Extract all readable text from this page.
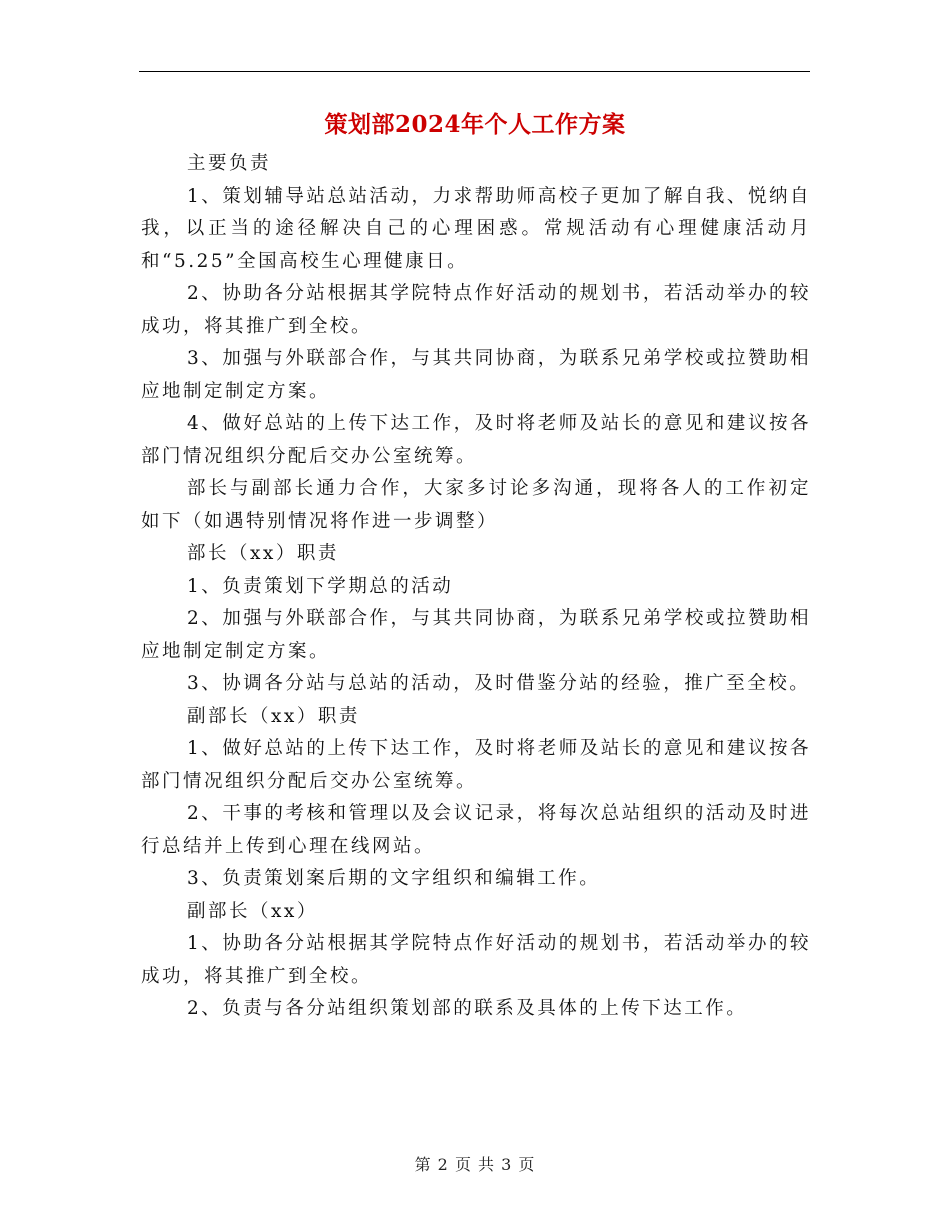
策划部2024年个人工作方案

主要负责

1、策划辅导站总站活动，力求帮助师高校子更加了解自我、悦纳自我，以正当的途径解决自己的心理困惑。常规活动有心理健康活动月和“5.25”全国高校生心理健康日。

2、协助各分站根据其学院特点作好活动的规划书，若活动举办的较成功，将其推广到全校。

3、加强与外联部合作，与其共同协商，为联系兄弟学校或拉赞助相应地制定制定方案。

4、做好总站的上传下达工作，及时将老师及站长的意见和建议按各部门情况组织分配后交办公室统筹。

部长与副部长通力合作，大家多讨论多沟通，现将各人的工作初定如下（如遇特别情况将作进一步调整）

部长（xx）职责

1、负责策划下学期总的活动

2、加强与外联部合作，与其共同协商，为联系兄弟学校或拉赞助相应地制定制定方案。

3、协调各分站与总站的活动，及时借鉴分站的经验，推广至全校。

副部长（xx）职责

1、做好总站的上传下达工作，及时将老师及站长的意见和建议按各部门情况组织分配后交办公室统筹。

2、干事的考核和管理以及会议记录，将每次总站组织的活动及时进行总结并上传到心理在线网站。

3、负责策划案后期的文字组织和编辑工作。

副部长（xx）

1、协助各分站根据其学院特点作好活动的规划书，若活动举办的较成功，将其推广到全校。

2、负责与各分站组织策划部的联系及具体的上传下达工作。

第 2 页 共 3 页
